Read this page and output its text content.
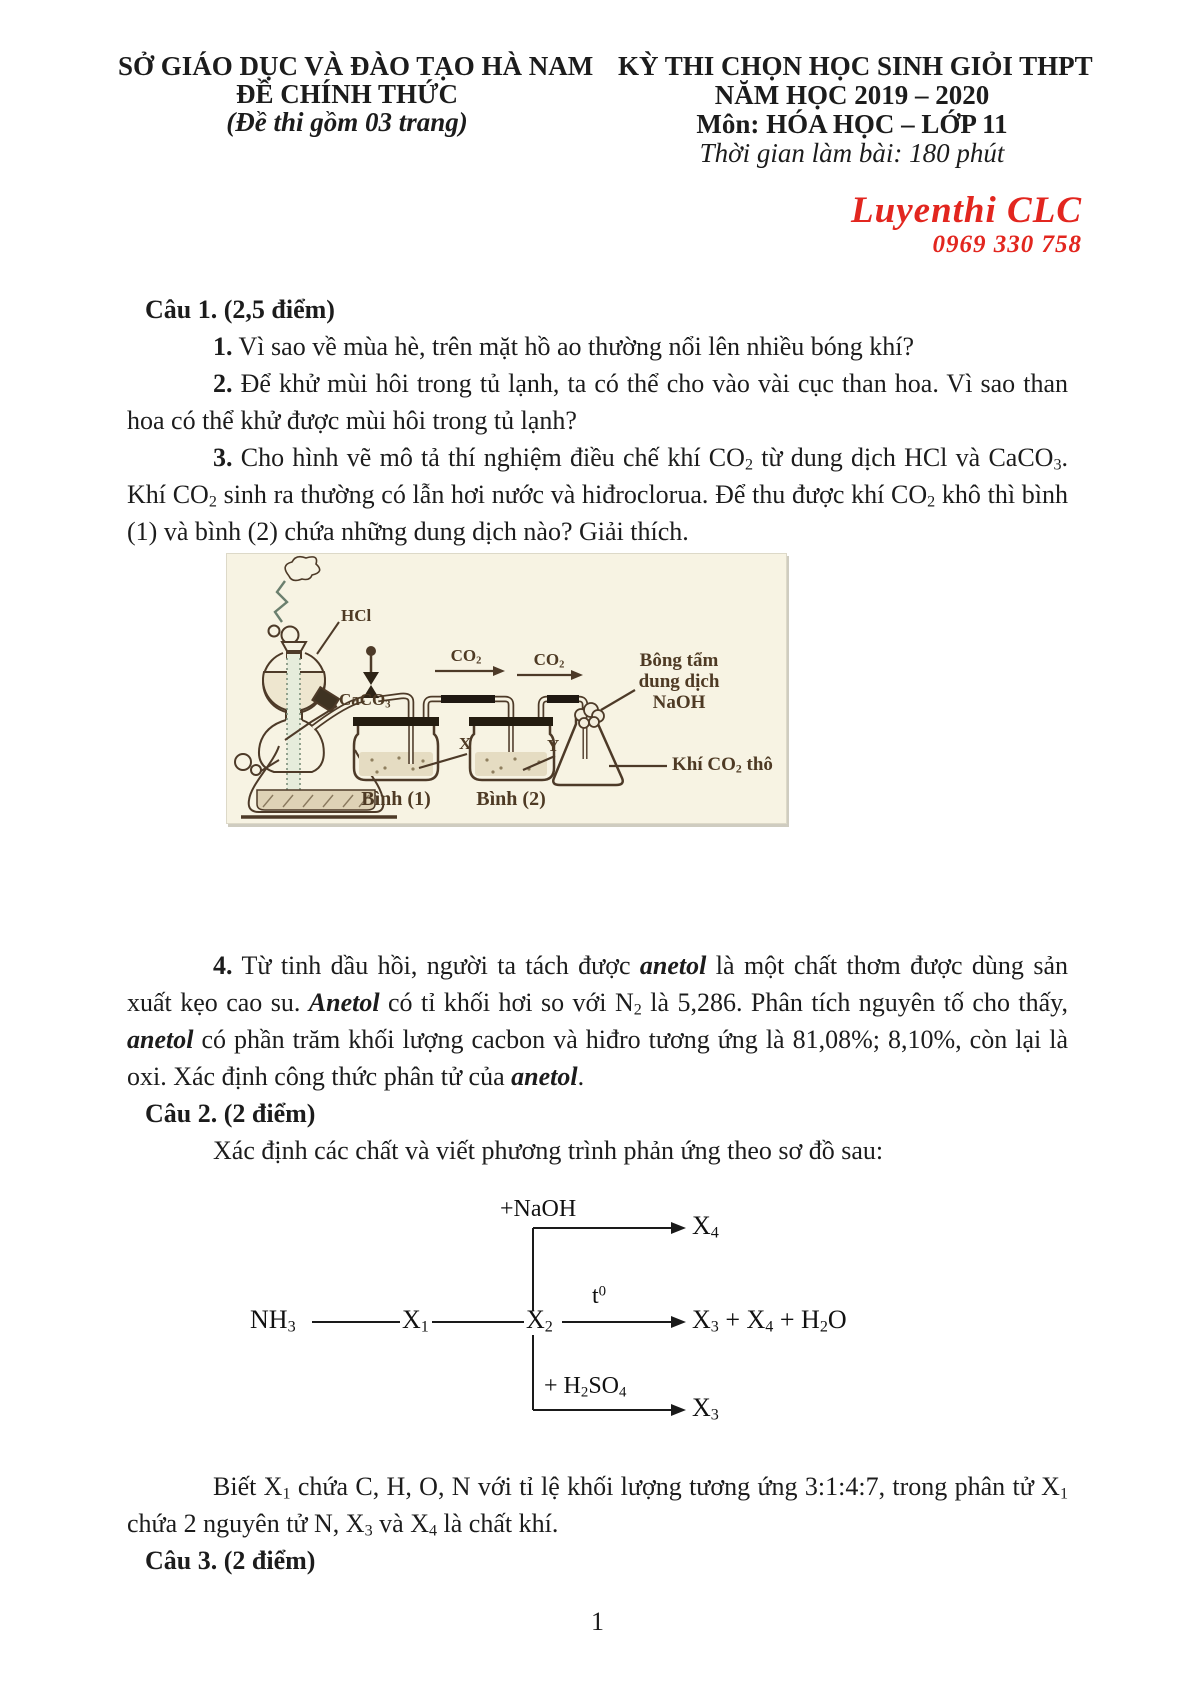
SỞ GIÁO DỤC VÀ ĐÀO TẠO HÀ NAM
ĐỀ CHÍNH THỨC
(Đề thi gồm 03 trang)
KỲ THI CHỌN HỌC SINH GIỎI THPT
NĂM HỌC 2019 – 2020
Môn: HÓA HỌC – LỚP 11
Thời gian làm bài: 180 phút
Luyenthi CLC
0969 330 758
Câu 1. (2,5 điểm)
1. Vì sao về mùa hè, trên mặt hồ ao thường nổi lên nhiều bóng khí?
2. Để khử mùi hôi trong tủ lạnh, ta có thể cho vào vài cục than hoa. Vì sao than hoa có thể khử được mùi hôi trong tủ lạnh?
3. Cho hình vẽ mô tả thí nghiệm điều chế khí CO2 từ dung dịch HCl và CaCO3. Khí CO2 sinh ra thường có lẫn hơi nước và hiđroclorua. Để thu được khí CO2 khô thì bình (1) và bình (2) chứa những dung dịch nào? Giải thích.
HCl
CaCO3
CO2	CO2
X	Y
Bông tẩm
dung dịch
NaOH
Khí CO2 thô
Bình (1)	Bình (2)
4. Từ tinh dầu hồi, người ta tách được anetol là một chất thơm được dùng sản xuất kẹo cao su. Anetol có tỉ khối hơi so với N2 là 5,286. Phân tích nguyên tố cho thấy, anetol có phần trăm khối lượng cacbon và hiđro tương ứng là 81,08%; 8,10%, còn lại là oxi. Xác định công thức phân tử của anetol.
Câu 2. (2 điểm)
Xác định các chất và viết phương trình phản ứng theo sơ đồ sau:
NH3	X1	X2
X4
X3 + X4 + H2O
X3
+NaOH
$t^0$
+ H2SO4
Biết X1 chứa C, H, O, N với tỉ lệ khối lượng tương ứng 3:1:4:7, trong phân tử X1 chứa 2 nguyên tử N, X3 và X4 là chất khí.
Câu 3. (2 điểm)
1
